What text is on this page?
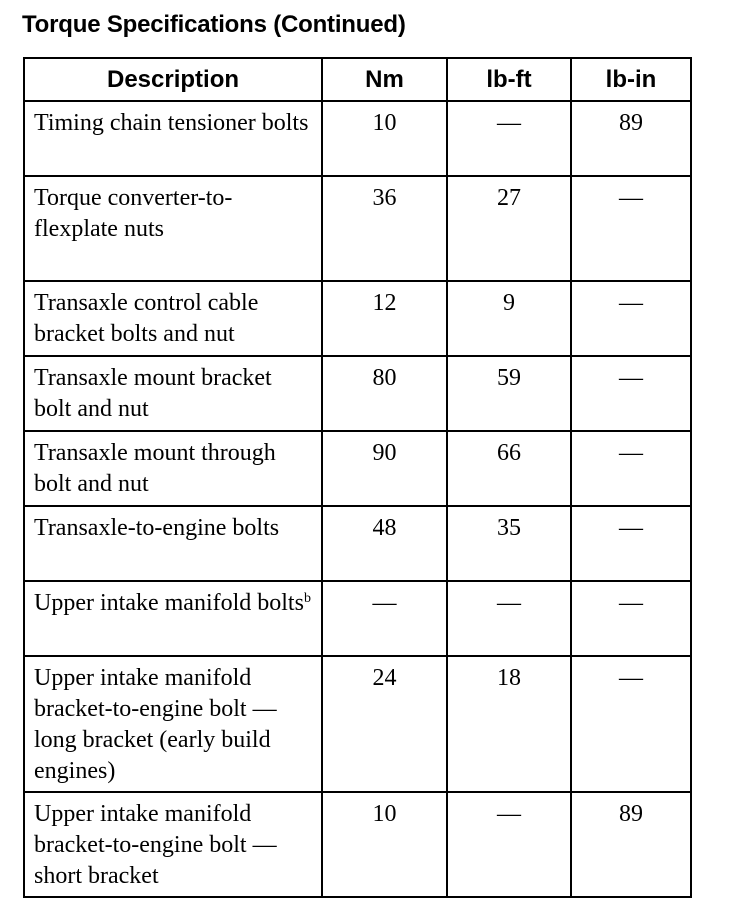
Torque Specifications (Continued)
Description	Nm	lb-ft	lb-in
Timing chain tensioner bolts	10	—	89
Torque converter-to-flexplate nuts	36	27	—
Transaxle control cable bracket bolts and nut	12	9	—
Transaxle mount bracket bolt and nut	80	59	—
Transaxle mount through bolt and nut	90	66	—
Transaxle-to-engine bolts	48	35	—
Upper intake manifold bolts$^b$	—	—	—
Upper intake manifold bracket-to-engine bolt — long bracket (early build engines)	24	18	—
Upper intake manifold bracket-to-engine bolt — short bracket	10	—	89
